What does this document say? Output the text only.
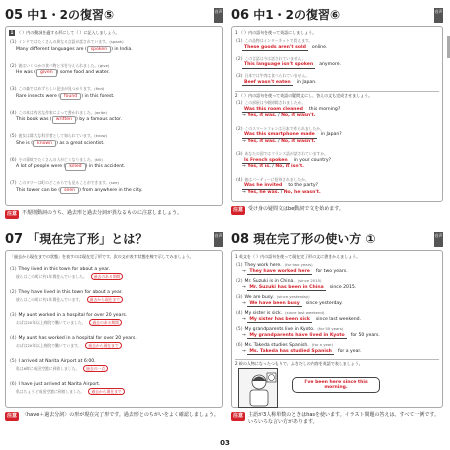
05 中1・2の復習⑤	音声
1 （ ）内の動詞を適する形にして（ ）に記入しましょう。
(1) インドではたくさんの異なる言語が話されています。(speak)
Many different languages are ( spoken ) in India.
(2) 彼はいくつかの食べ物と水を与えられました。(give)
He was ( given ) some food and water.
(3) この森ではめずらしい昆虫が見つかります。(find)
Rare insects were ( found ) in this forest.
(4) この本は有名な作家によって書かれました。(write)
This book was ( written ) by a famous actor.
(5) 彼女は偉大な科学者として知られています。(know)
She is ( known ) as a great scientist.
(6) その事故でたくさんの人が亡くなりました。(kill)
A lot of people were ( killed ) in this accident.
(7) このタワーは町のどこからでも見ることができます。(see)
This tower can be ( seen ) from anywhere in the city.
注意 不規則動詞のうち、過去形と過去分詞が異なるものに注意しましょう。
06 中1・2の復習⑥	音声
1 （ ）内の語句を使って英語にしましょう。
(1) この品物はインターネットで買えます。
These goods aren't sold online.
(2) この言語は今は話されていません。
This language isn't spoken anymore.
(3) 日本では牛肉は食べられていません。
Beef wasn't eaten in Japan.
2 （ ）内の語句を使って英語の疑問文にし、答えの文も完成させましょう。
(1) この部屋は今朝掃除されましたか。
Was this room cleaned this morning?
→ Yes, it was. / No, it wasn't.
(2) このスマートフォンは日本で作られましたか。
Was this smartphone made in Japan?
→ Yes, it was. / No, it wasn't.
(3) あなたの国ではフランス語が話されていますか。
Is French spoken in your country?
→ Yes, it is. / No, it isn't.
(4) 彼はパーティーに招待されましたか。
Was he invited to the party?
→ Yes, he was. / No, he wasn't.
注意 受け身の疑問文はbe動詞で文を始めます。
07 「現在完了形」とは？	音声
「過去から現在までの状態」を表すのは現在完了形です。次の文が表す状態を線で示してみましょう。
(1) They lived in this town for about a year.
彼らはこの町に約1年間住んでいました。 過去のある期間
(2) They have lived in this town for about a year.
彼らはこの町に約1年間住んでいます。 過去から現在まで
(3) My aunt worked in a hospital for over 20 years.
おばは20年以上病院で働いていました。 過去のある期間
(4) My aunt has worked in a hospital for over 20 years.
おばは20年以上病院で働いています。 過去から現在まで
(5) I arrived at Narita Airport at 6:00.
私は6時に成田空港に到着しました。 過去の一点
(6) I have just arrived at Narita Airport.
私はちょうど成田空港に到着しました。 過去から現在まで
注意 〈have＋過去分詞〉の形が現在完了形です。過去形とのちがいをよく確認しましょう。
08 現在完了形の使い方 ①	音声
1 英文を（ ）内の語句を使って現在完了形の文に書きかえましょう。
(1) They work here. (for two years)
→ They have worked here for two years.
(2) Mr. Suzuki is in China. (since 2015)
→ Mr. Suzuki has been in China since 2015.
(3) We are busy. (since yesterday)
→ We have been busy since yesterday.
(4) My sister is sick. (since last weekend)
→ My sister has been sick since last weekend.
(5) My grandparents live in Kyoto. (for 50 years)
→ My grandparents have lived in Kyoto for 50 years.
(6) Ms. Takeda studies Spanish. (for a year)
→ Ms. Takeda has studied Spanish for a year.
2 絵の人物になったつもりで、ふきだしの内容を英語で表しましょう。
I've been here since this morning.
注意 主語が3人称単数のときはhasを使います。イラスト問題の答えは、すべて一例です。いろいろな言い方があります。
03
